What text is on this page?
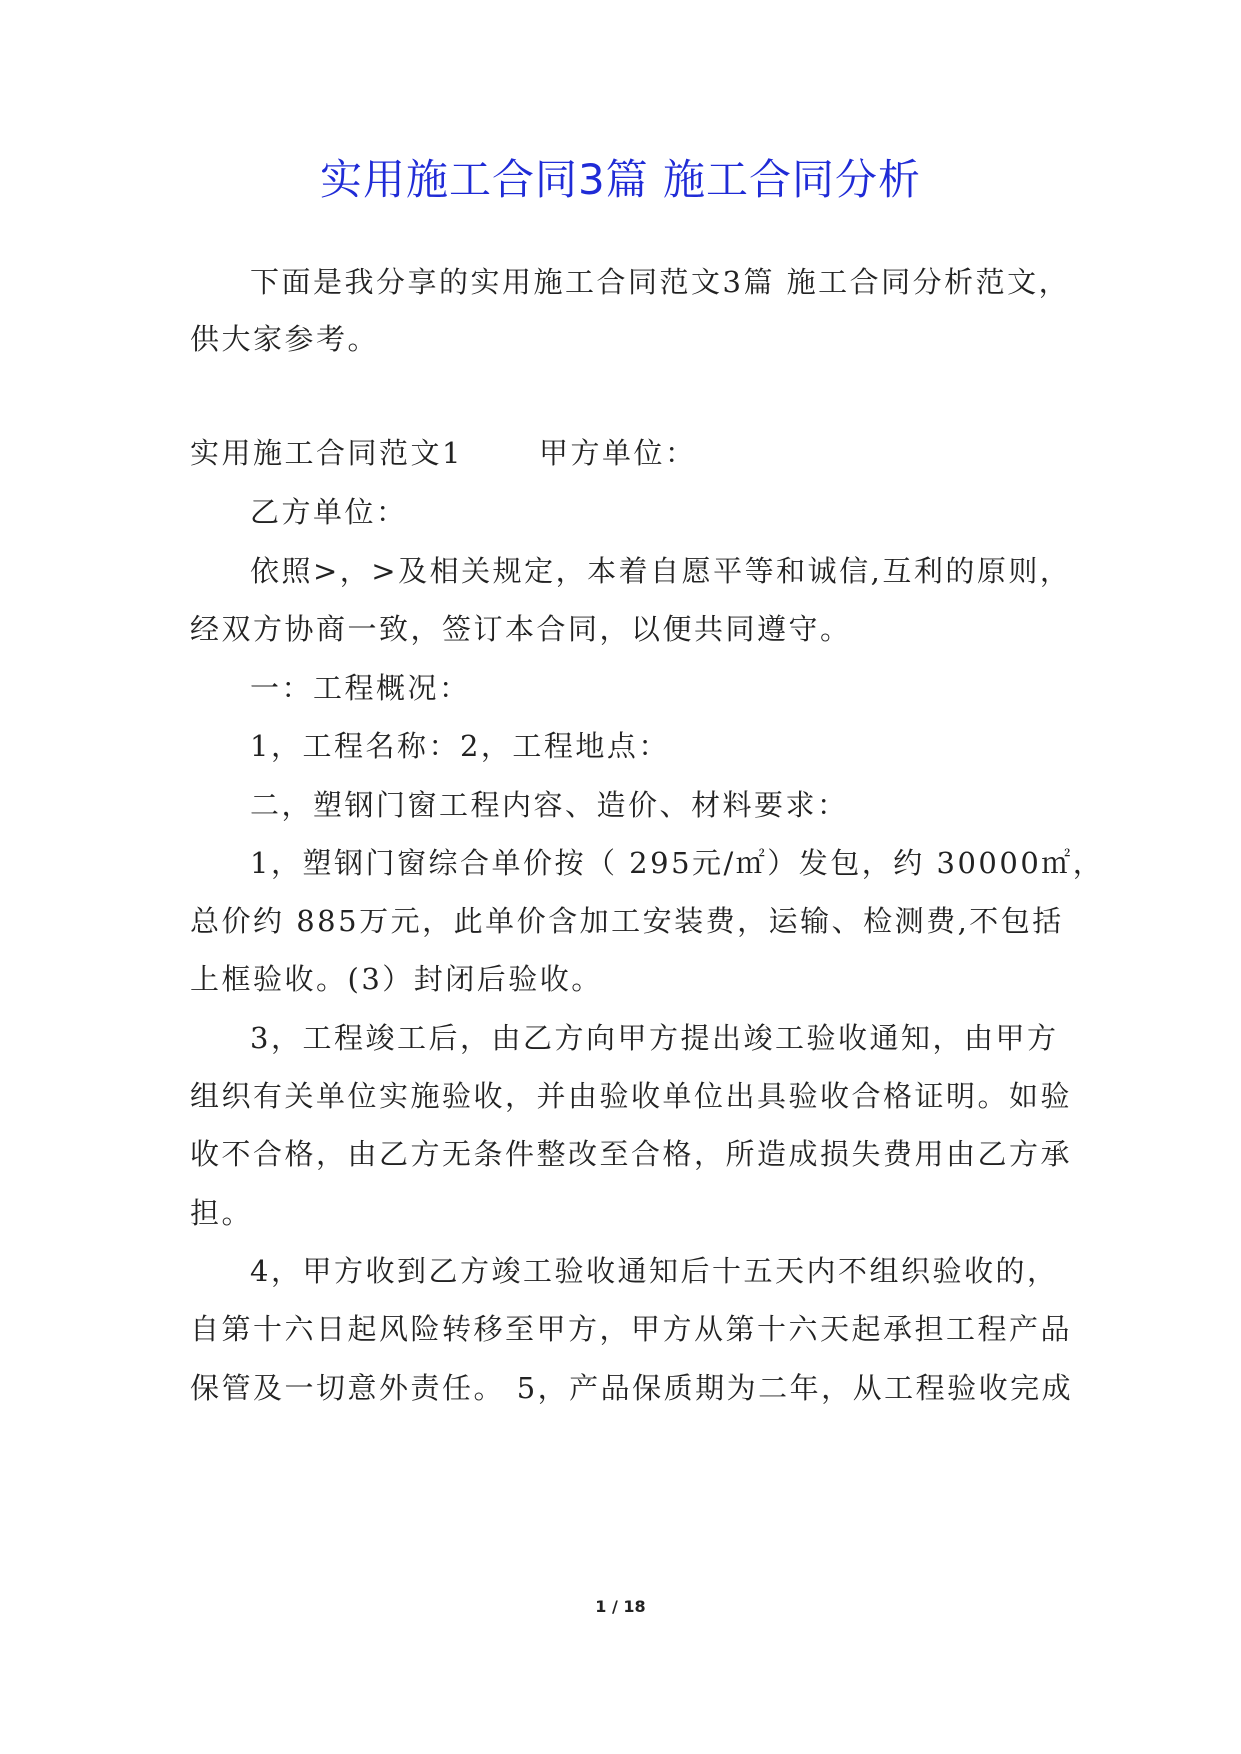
实用施工合同3篇 施工合同分析
下面是我分享的实用施工合同范文3篇 施工合同分析范文，
供大家参考。
实用施工合同范文1	甲方单位：
乙方单位：
依照>，>及相关规定，本着自愿平等和诚信,互利的原则，
经双方协商一致，签订本合同，以便共同遵守。
一：工程概况：
1，工程名称：2，工程地点：
二，塑钢门窗工程内容、造价、材料要求：
1，塑钢门窗综合单价按（ 295元/㎡）发包，约 30000㎡，
总价约 885万元，此单价含加工安装费，运输、检测费,不包括
上框验收。(3）封闭后验收。
3，工程竣工后，由乙方向甲方提出竣工验收通知，由甲方
组织有关单位实施验收，并由验收单位出具验收合格证明。如验
收不合格，由乙方无条件整改至合格，所造成损失费用由乙方承
担。
4，甲方收到乙方竣工验收通知后十五天内不组织验收的，
自第十六日起风险转移至甲方，甲方从第十六天起承担工程产品
保管及一切意外责任。 5，产品保质期为二年，从工程验收完成
1 / 18
